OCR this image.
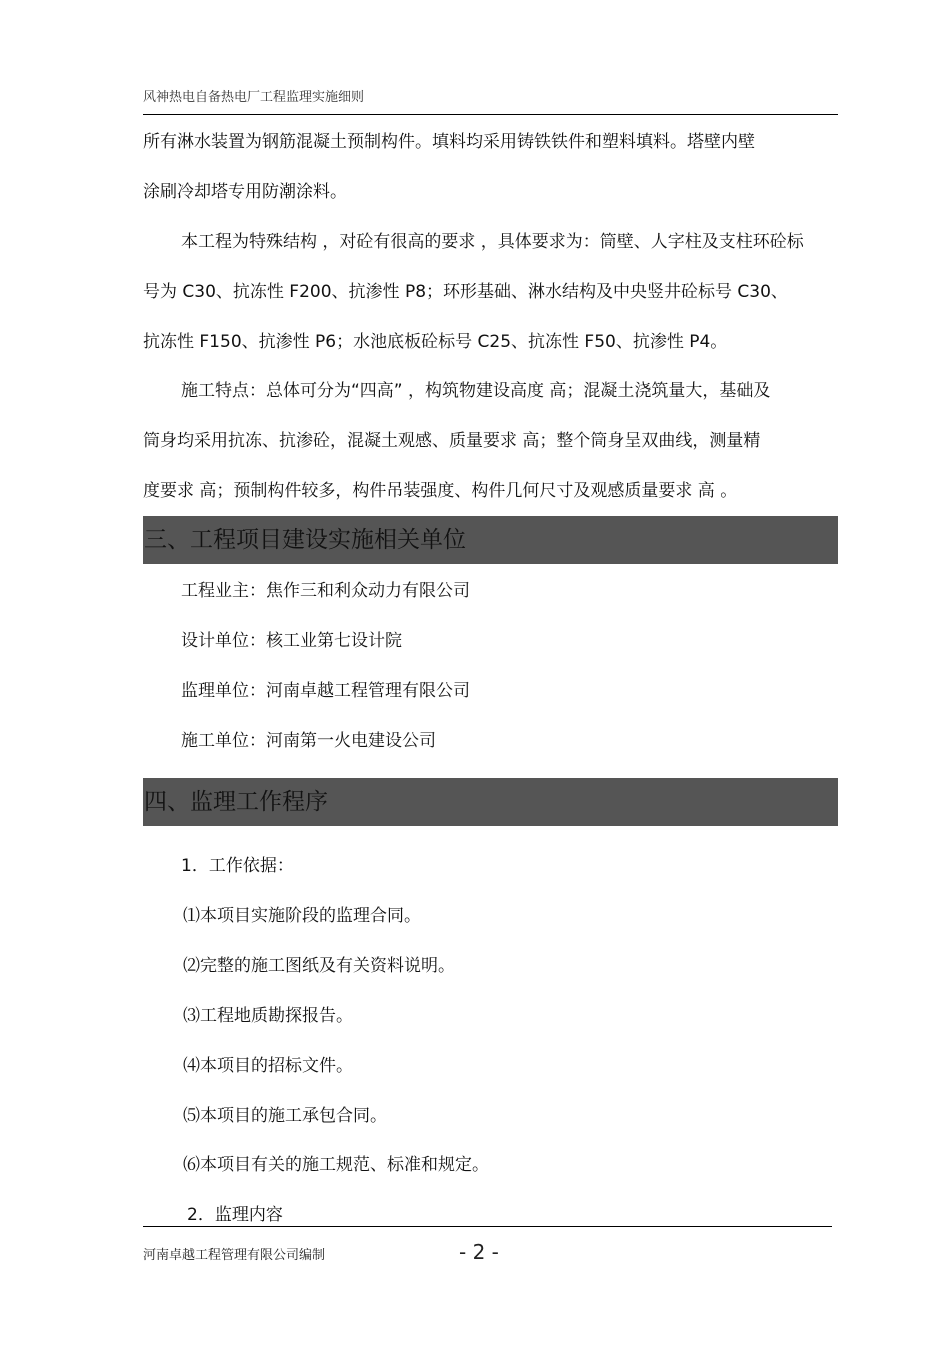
风神热电自备热电厂工程监理实施细则
所有淋水装置为钢筋混凝土预制构件。填料均采用铸铁铁件和塑料填料。塔壁内壁
涂刷冷却塔专用防潮涂料。
本工程为特殊结构 ，对砼有很高的要求 ，具体要求为：筒壁、人字柱及支柱环砼标
号为 C30、抗冻性 F200、抗渗性 P8；环形基础、淋水结构及中央竖井砼标号 C30、
抗冻性 F150、抗渗性 P6；水池底板砼标号 C25、抗冻性 F50、抗渗性 P4。
施工特点：总体可分为“四高” ，构筑物建设高度 高；混凝土浇筑量大，基础及
筒身均采用抗冻、抗渗砼，混凝土观感、质量要求 高；整个筒身呈双曲线，测量精
度要求 高；预制构件较多，构件吊装强度、构件几何尺寸及观感质量要求 高 。
三、工程项目建设实施相关单位
工程业主：焦作三和利众动力有限公司
设计单位：核工业第七设计院
监理单位：河南卓越工程管理有限公司
施工单位：河南第一火电建设公司
四、监理工作程序
1．工作依据：
⑴本项目实施阶段的监理合同。
⑵完整的施工图纸及有关资料说明。
⑶工程地质勘探报告。
⑷本项目的招标文件。
⑸本项目的施工承包合同。
⑹本项目有关的施工规范、标准和规定。
2．监理内容
河南卓越工程管理有限公司编制	- 2 -
